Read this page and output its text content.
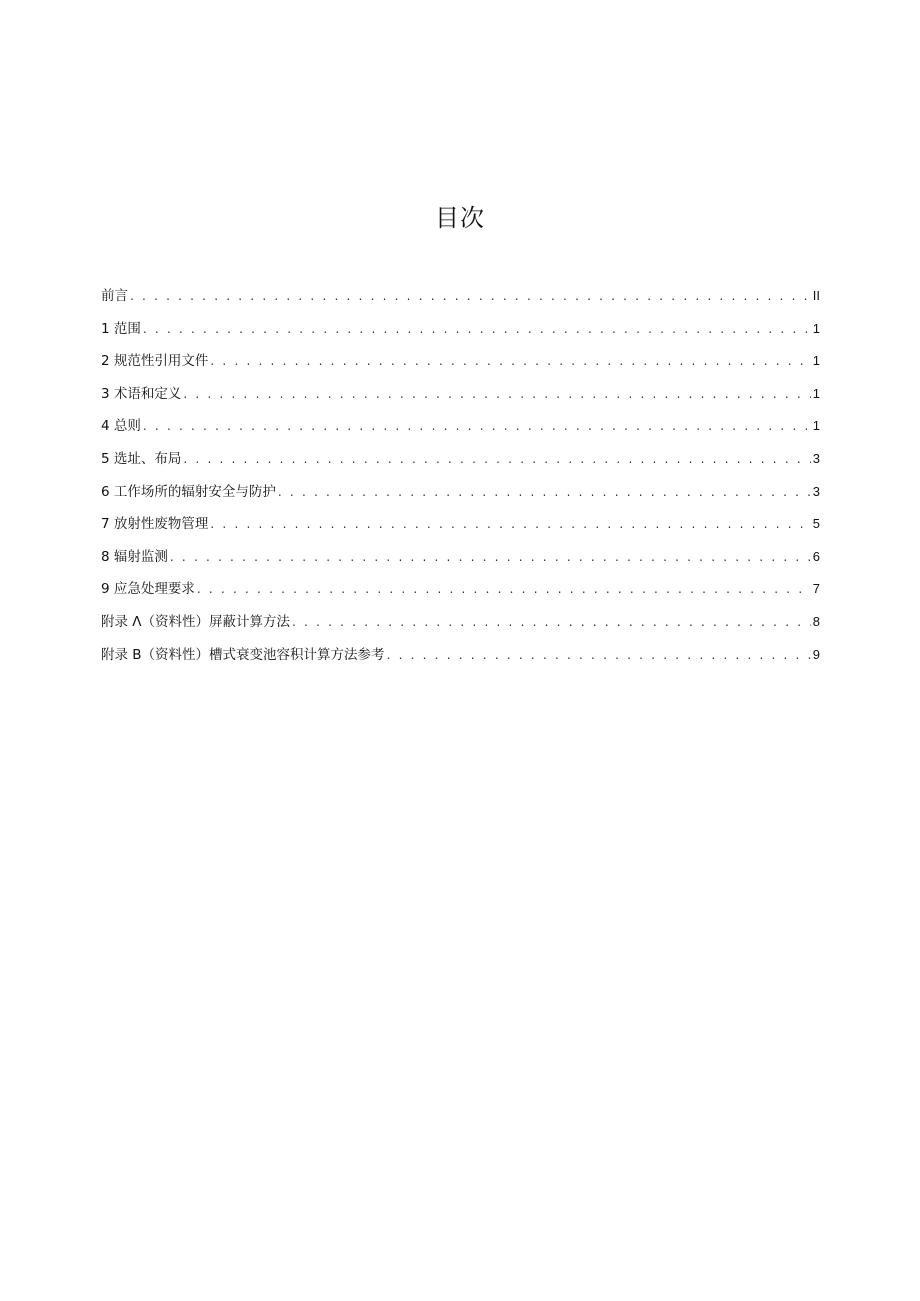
目次
前言 . . .	II
1 范围 . . .	1
2 规范性引用文件 . . .	1
3 术语和定义 . . .	1
4 总则 . . .	1
5 选址、布局 . . .	3
6 工作场所的辐射安全与防护 . . .	3
7 放射性废物管理 . . .	5
8 辐射监测 . . .	6
9 应急处理要求 . . .	7
附录 Λ（资料性）屏蔽计算方法 . . .	8
附录 B（资料性）槽式衰变池容积计算方法参考 . . .	9
